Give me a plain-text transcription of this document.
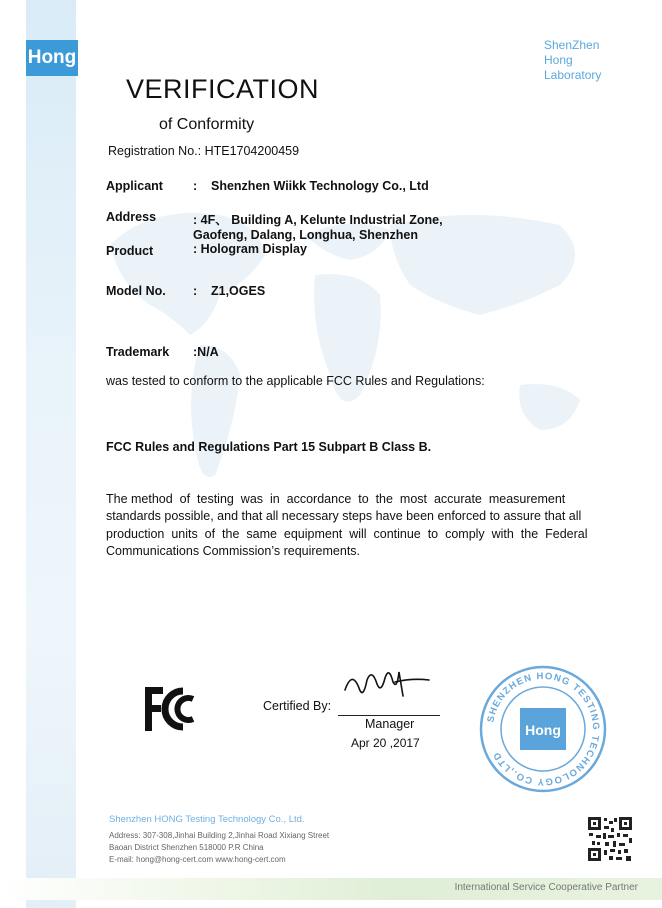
Hong
ShenZhen
Hong
Laboratory
VERIFICATION
of Conformity
Registration No.: HTE1704200459
Applicant : Shenzhen Wiikk Technology Co., Ltd
Address	: 4F、 Building A, Kelunte Industrial Zone,
Gaofeng, Dalang, Longhua, Shenzhen
Product	: Hologram Display
Model No. : Z1,OGES
Trademark :N/A
was tested to conform to the applicable FCC Rules and Regulations:
FCC Rules and Regulations Part 15 Subpart B Class B.
The method  of  testing  was  in  accordance  to  the  most  accurate  measurement
standards possible, and that all necessary steps have been enforced to assure that all
production  units  of  the  same  equipment  will  continue  to  comply  with  the  Federal
Communications Commission’s requirements.
Certified By:
Manager
Apr 20 ,2017
SHENZHEN HONG TESTING TECHNOLOGY CO.,LTD
Hong
Shenzhen HONG Testing Technology Co., Ltd.
Address: 307-308,Jinhai Building 2,Jinhai Road Xixiang Street
Baoan District Shenzhen 518000 P.R China
E-mail: hong@hong-cert.com www.hong-cert.com
International Service Cooperative Partner
